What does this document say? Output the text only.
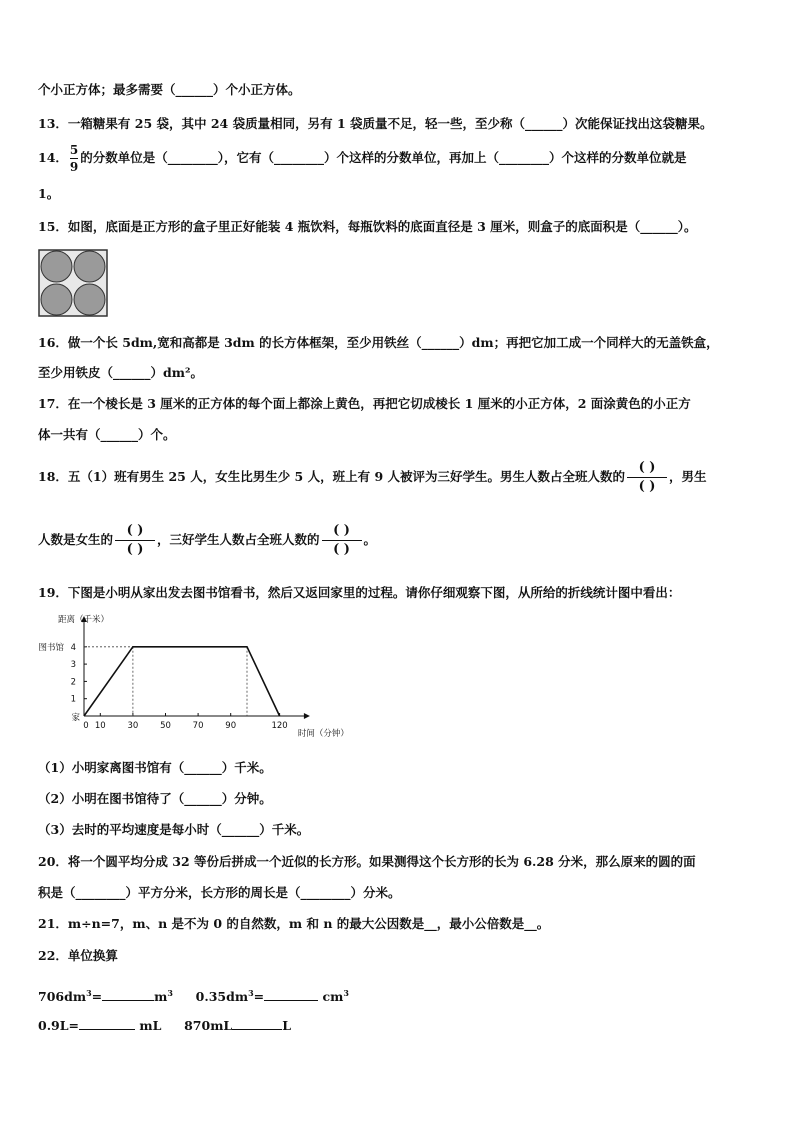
个小正方体；最多需要（______）个小正方体。
13．一箱糖果有 25 袋，其中 24 袋质量相同，另有 1 袋质量不足，轻一些，至少称（______）次能保证找出这袋糖果。
14． $\frac{5}{9}$ 的分数单位是（________），它有（________）个这样的分数单位，再加上（________）个这样的分数单位就是
1。
15．如图，底面是正方形的盒子里正好能装 4 瓶饮料，每瓶饮料的底面直径是 3 厘米，则盒子的底面积是（______）。
16．做一个长 5dm,宽和高都是 3dm 的长方体框架，至少用铁丝（______）dm；再把它加工成一个同样大的无盖铁盒，
至少用铁皮（______）dm²。
17．在一个棱长是 3 厘米的正方体的每个面上都涂上黄色，再把它切成棱长 1 厘米的小正方体，2 面涂黄色的小正方
体一共有（______）个。
18．五（1）班有男生 25 人，女生比男生少 5 人，班上有 9 人被评为三好学生。男生人数占全班人数的 $\frac{( )}{( )}$ ，男生
人数是女生的 $\frac{( )}{( )}$ ，三好学生人数占全班人数的 $\frac{( )}{( )}$ 。
19．下图是小明从家出发去图书馆看书，然后又返回家里的过程。请你仔细观察下图，从所给的折线统计图中看出：
距离（千米）
时间（分钟）
1
2
3
4
图书馆
家
0 10	30	50	70	90	120
（1）小明家离图书馆有（______）千米。
（2）小明在图书馆待了（______）分钟。
（3）去时的平均速度是每小时（______）千米。
20．将一个圆平均分成 32 等份后拼成一个近似的长方形。如果测得这个长方形的长为 6.28 分米，那么原来的圆的面
积是（________）平方分米，长方形的周长是（________）分米。
21．m÷n=7，m、n 是不为 0 的自然数，m 和 n 的最大公因数是__，最小公倍数是__。
22．单位换算
$706dm^3=$	$m^3$ $0.35dm^3=$	$cm^3$
0.9L=	mL 870mL	L
